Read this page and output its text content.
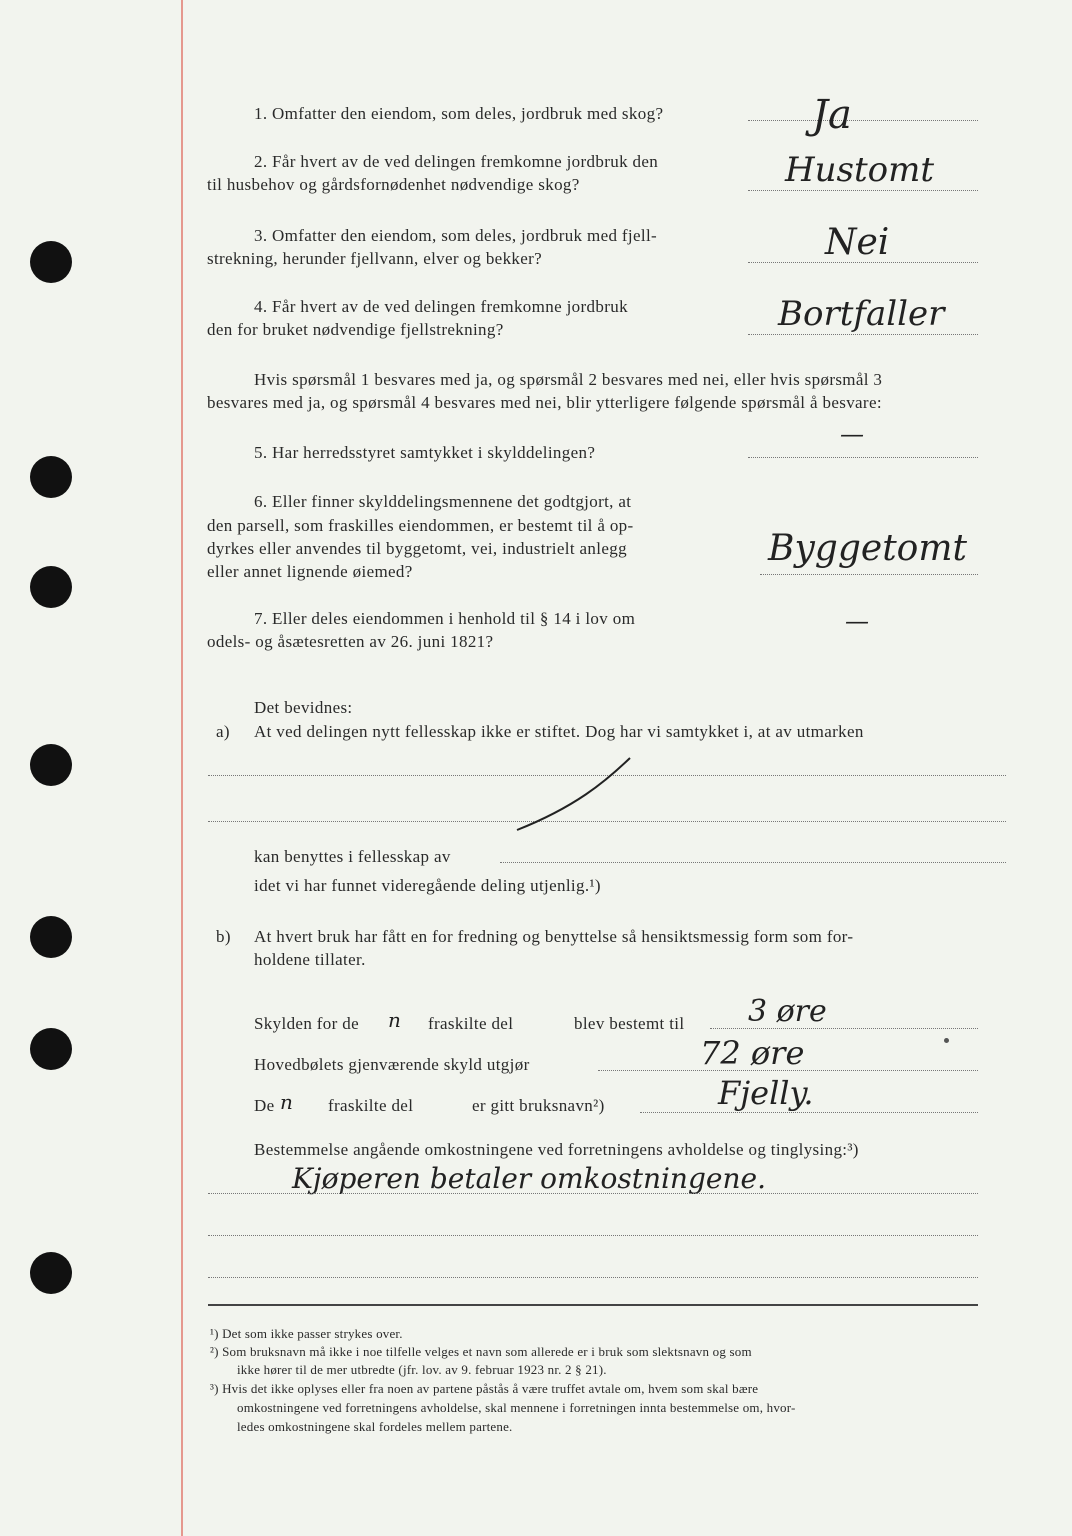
1. Omfatter den eiendom, som deles, jordbruk med skog?	Ja
2. Får hvert av de ved delingen fremkomne jordbruk den
til husbehov og gårdsfornødenhet nødvendige skog?	Hustomt
3. Omfatter den eiendom, som deles, jordbruk med fjell-
strekning, herunder fjellvann, elver og bekker?	Nei
4. Får hvert av de ved delingen fremkomne jordbruk
den for bruket nødvendige fjellstrekning?	Bortfaller
Hvis spørsmål 1 besvares med ja, og spørsmål 2 besvares med nei, eller hvis spørsmål 3
besvares med ja, og spørsmål 4 besvares med nei, blir ytterligere følgende spørsmål å besvare:
5. Har herredsstyret samtykket i skylddelingen?
—
6. Eller finner skylddelingsmennene det godtgjort, at
den parsell, som fraskilles eiendommen, er bestemt til å op-
dyrkes eller anvendes til byggetomt, vei, industrielt anlegg
eller annet lignende øiemed?
Byggetomt
7. Eller deles eiendommen i henhold til § 14 i lov om
odels- og åsætesretten av 26. juni 1821?
—
Det bevidnes:
a) At ved delingen nytt fellesskap ikke er stiftet. Dog har vi samtykket i, at av utmarken
kan benyttes i fellesskap av
idet vi har funnet videregående deling utjenlig.¹)
b) At hvert bruk har fått en for fredning og benyttelse så hensiktsmessig form som for-
holdene tillater.
Skylden for de n fraskilte del	blev bestemt til 3 øre
Hovedbølets gjenværende skyld utgjør	72 øre
De n fraskilte del	er gitt bruksnavn²)	Fjelly.
Bestemmelse angående omkostningene ved forretningens avholdelse og tinglysing:³)
Kjøperen betaler omkostningene.
¹) Det som ikke passer strykes over.
²) Som bruksnavn må ikke i noe tilfelle velges et navn som allerede er i bruk som slektsnavn og som
ikke hører til de mer utbredte (jfr. lov. av 9. februar 1923 nr. 2 § 21).
³) Hvis det ikke oplyses eller fra noen av partene påstås å være truffet avtale om, hvem som skal bære
omkostningene ved forretningens avholdelse, skal mennene i forretningen innta bestemmelse om, hvor-
ledes omkostningene skal fordeles mellem partene.
